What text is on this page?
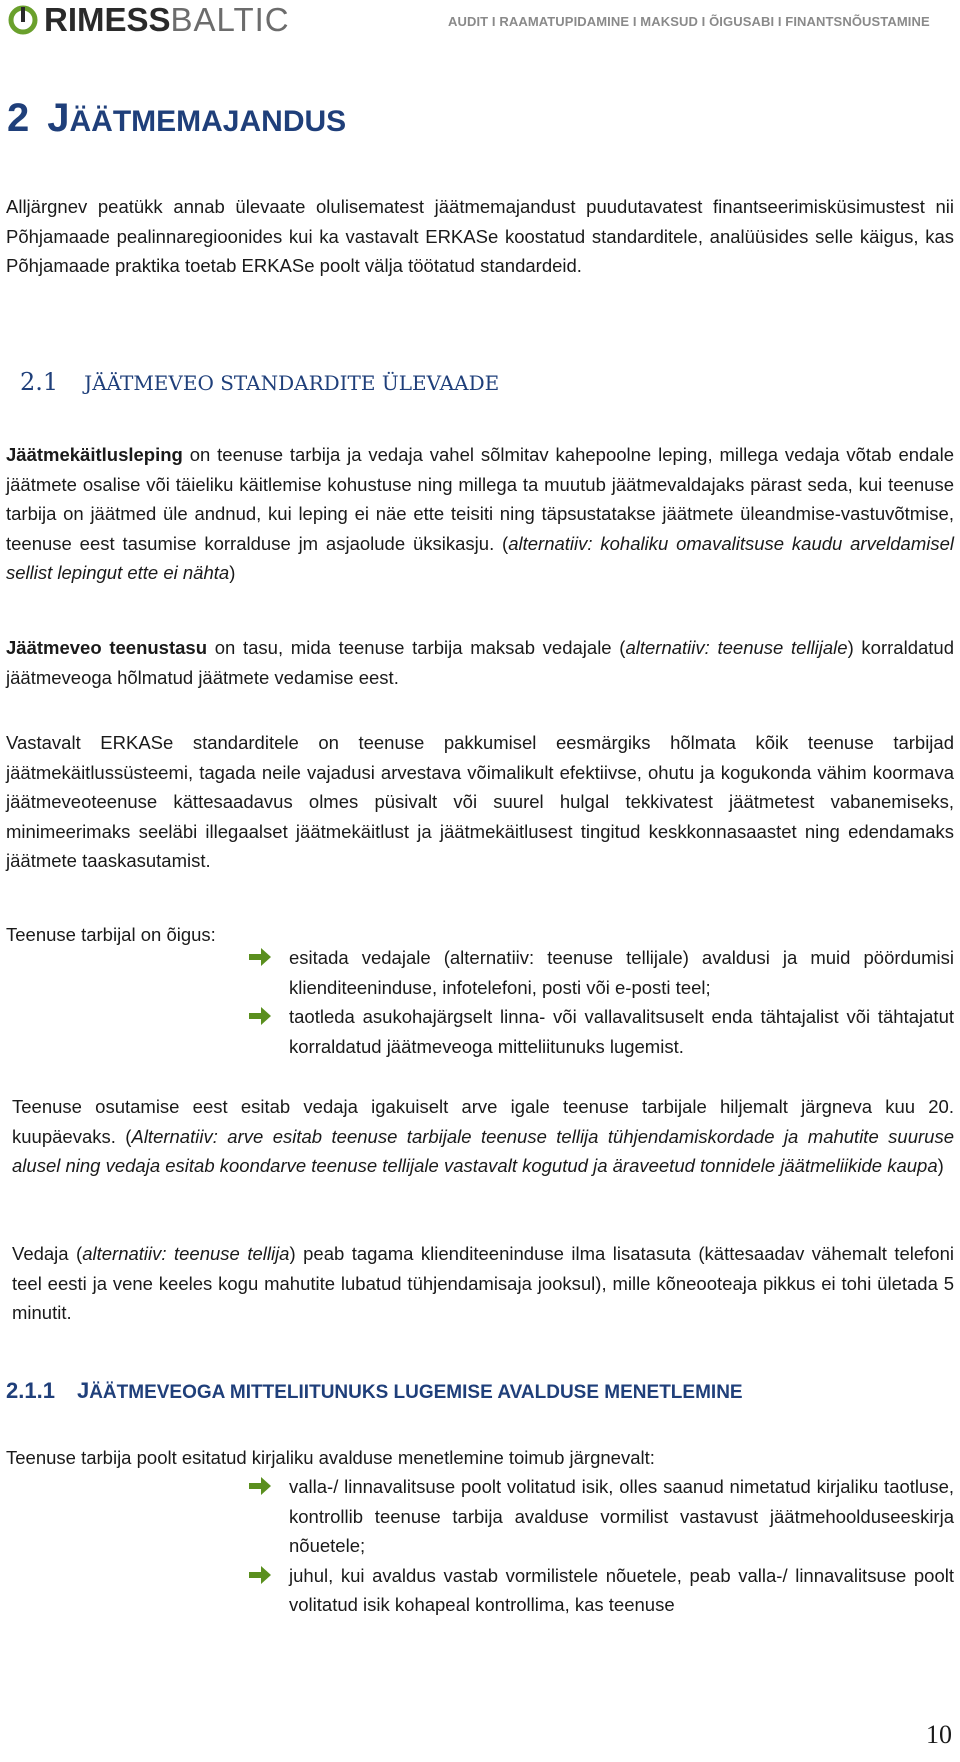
RIMESSBALTIC	AUDIT I RAAMATUPIDAMINE I MAKSUD I ÕIGUSABI I FINANTSNÕUSTAMINE
2 JÄÄTMEMAJANDUS

Alljärgnev peatükk annab ülevaate olulisematest jäätmemajandust puudutavatest finantseerimisküsimustest nii Põhjamaade pealinnaregioonides kui ka vastavalt ERKASe koostatud standarditele, analüüsides selle käigus, kas Põhjamaade praktika toetab ERKASe poolt välja töötatud standardeid.

2.1 JÄÄTMEVEO STANDARDITE ÜLEVAADE

Jäätmekäitlusleping on teenuse tarbija ja vedaja vahel sõlmitav kahepoolne leping, millega vedaja võtab endale jäätmete osalise või täieliku käitlemise kohustuse ning millega ta muutub jäätmevaldajaks pärast seda, kui teenuse tarbija on jäätmed üle andnud, kui leping ei näe ette teisiti ning täpsustatakse jäätmete üleandmise-vastuvõtmise, teenuse eest tasumise korralduse jm asjaolude üksikasju. (alternatiiv: kohaliku omavalitsuse kaudu arveldamisel sellist lepingut ette ei nähta)

Jäätmeveo teenustasu on tasu, mida teenuse tarbija maksab vedajale (alternatiiv: teenuse tellijale) korraldatud jäätmeveoga hõlmatud jäätmete vedamise eest.

Vastavalt ERKASe standarditele on teenuse pakkumisel eesmärgiks hõlmata kõik teenuse tarbijad jäätmekäitlussüsteemi, tagada neile vajadusi arvestava võimalikult efektiivse, ohutu ja kogukonda vähim koormava jäätmeveoteenuse kättesaadavus olmes püsivalt või suurel hulgal tekkivatest jäätmetest vabanemiseks, minimeerimaks seeläbi illegaalset jäätmekäitlust ja jäätmekäitlusest tingitud keskkonnasaastet ning edendamaks jäätmete taaskasutamist.

Teenuse tarbijal on õigus:

esitada vedajale (alternatiiv: teenuse tellijale) avaldusi ja muid pöördumisi klienditeeninduse, infotelefoni, posti või e-posti teel;
taotleda asukohajärgselt linna- või vallavalitsuselt enda tähtajalist või tähtajatut korraldatud jäätmeveoga mitteliitunuks lugemist.

Teenuse osutamise eest esitab vedaja igakuiselt arve igale teenuse tarbijale hiljemalt järgneva kuu 20. kuupäevaks. (Alternatiiv: arve esitab teenuse tarbijale teenuse tellija tühjendamiskordade ja mahutite suuruse alusel ning vedaja esitab koondarve teenuse tellijale vastavalt kogutud ja äraveetud tonnidele jäätmeliikide kaupa)

Vedaja (alternatiiv: teenuse tellija) peab tagama klienditeeninduse ilma lisatasuta (kättesaadav vähemalt telefoni teel eesti ja vene keeles kogu mahutite lubatud tühjendamisaja jooksul), mille kõneooteaja pikkus ei tohi ületada 5 minutit.

2.1.1 JÄÄTMEVEOGA MITTELIITUNUKS LUGEMISE AVALDUSE MENETLEMINE

Teenuse tarbija poolt esitatud kirjaliku avalduse menetlemine toimub järgnevalt:

valla-/ linnavalitsuse poolt volitatud isik, olles saanud nimetatud kirjaliku taotluse, kontrollib teenuse tarbija avalduse vormilist vastavust jäätmehoolduseeskirja nõuetele;
juhul, kui avaldus vastab vormilistele nõuetele, peab valla-/ linnavalitsuse poolt volitatud isik kohapeal kontrollima, kas teenuse
10
